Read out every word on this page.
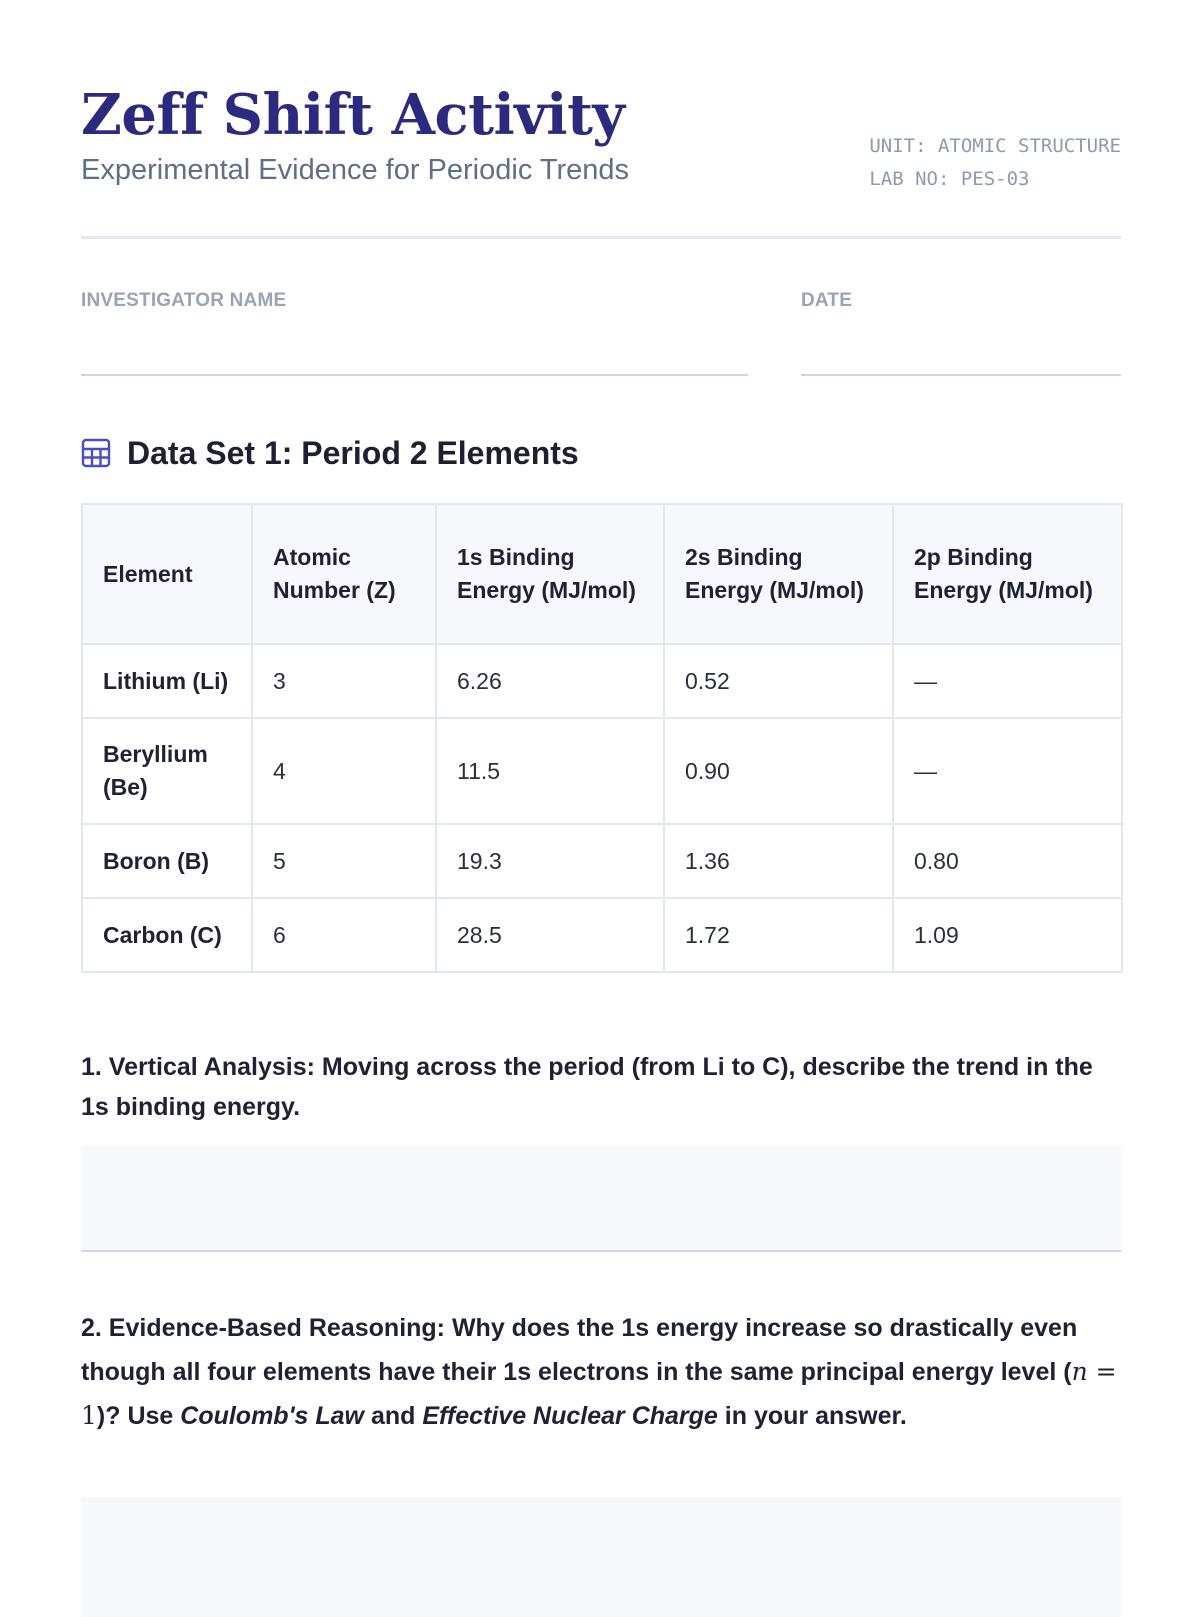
Zeff Shift Activity
Experimental Evidence for Periodic Trends
UNIT: ATOMIC STRUCTURE
LAB NO: PES-03
INVESTIGATOR NAME	DATE
Data Set 1: Period 2 Elements
Element	Atomic Number (Z)	1s Binding Energy (MJ/mol)	2s Binding Energy (MJ/mol)	2p Binding Energy (MJ/mol)
Lithium (Li)	3	6.26	0.52	—
Beryllium (Be)	4	11.5	0.90	—
Boron (B)	5	19.3	1.36	0.80
Carbon (C)	6	28.5	1.72	1.09
1. Vertical Analysis: Moving across the period (from Li to C), describe the trend in the 1s binding energy.
2. Evidence-Based Reasoning: Why does the 1s energy increase so drastically even though all four elements have their 1s electrons in the same principal energy level (n = 1)? Use Coulomb's Law and Effective Nuclear Charge in your answer.
